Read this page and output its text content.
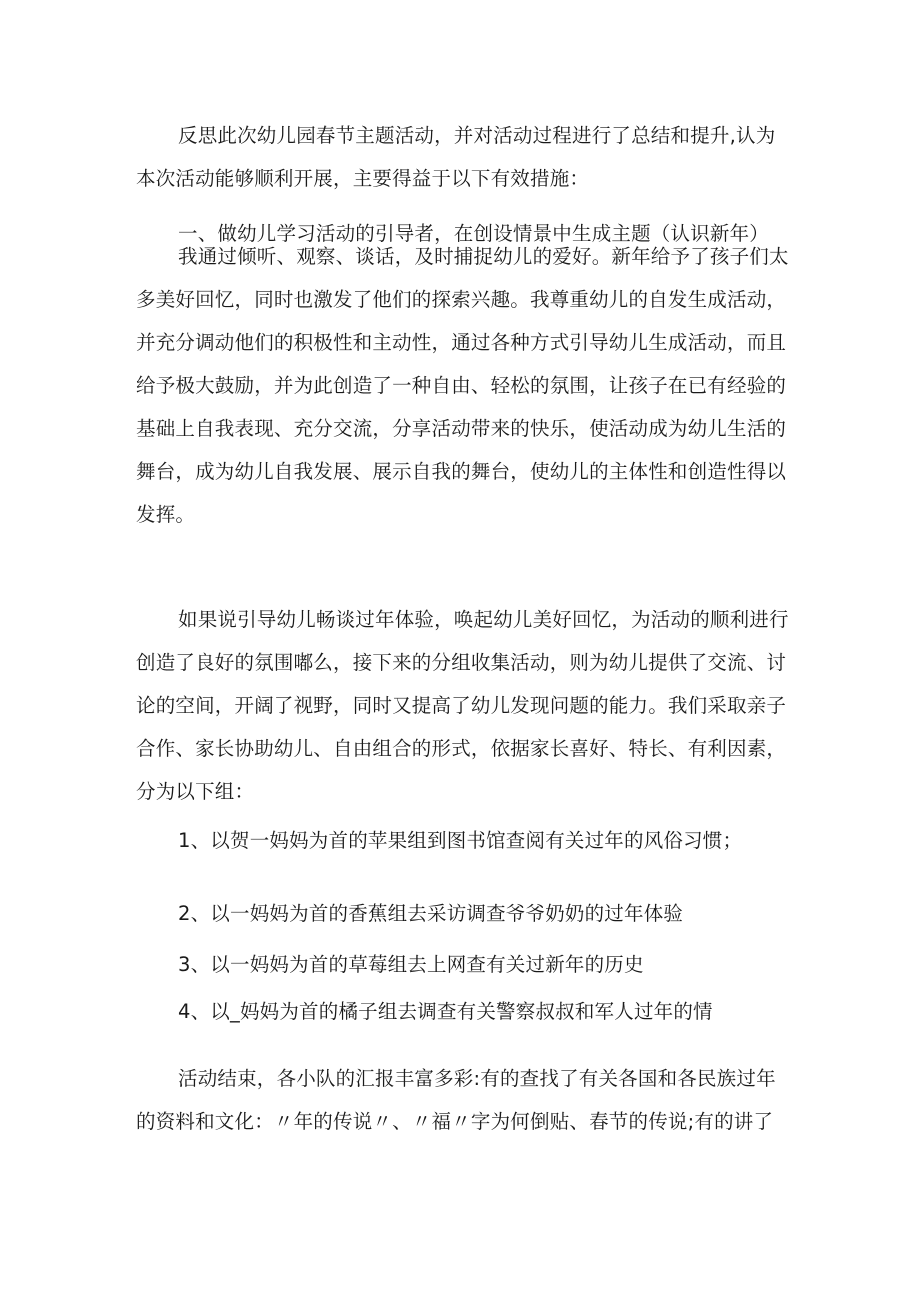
反思此次幼儿园春节主题活动，并对活动过程进行了总结和提升,认为
本次活动能够顺利开展，主要得益于以下有效措施：
一、做幼儿学习活动的引导者，在创设情景中生成主题（认识新年）
我通过倾听、观察、谈话，及时捕捉幼儿的爱好。新年给予了孩子们太
多美好回忆，同时也激发了他们的探索兴趣。我尊重幼儿的自发生成活动，
并充分调动他们的积极性和主动性，通过各种方式引导幼儿生成活动，而且
给予极大鼓励，并为此创造了一种自由、轻松的氛围，让孩子在已有经验的
基础上自我表现、充分交流，分享活动带来的快乐，使活动成为幼儿生活的
舞台，成为幼儿自我发展、展示自我的舞台，使幼儿的主体性和创造性得以
发挥。
如果说引导幼儿畅谈过年体验，唤起幼儿美好回忆，为活动的顺利进行
创造了良好的氛围嘟么，接下来的分组收集活动，则为幼儿提供了交流、讨
论的空间，开阔了视野，同时又提高了幼儿发现问题的能力。我们采取亲子
合作、家长协助幼儿、自由组合的形式，依据家长喜好、特长、有利因素，
分为以下组：
1、以贺一妈妈为首的苹果组到图书馆查阅有关过年的风俗习惯；
2、以一妈妈为首的香蕉组去采访调查爷爷奶奶的过年体验
3、以一妈妈为首的草莓组去上网查有关过新年的历史
4、以_妈妈为首的橘子组去调查有关警察叔叔和军人过年的情
活动结束，各小队的汇报丰富多彩:有的查找了有关各国和各民族过年
的资料和文化：〃年的传说〃、〃福〃字为何倒贴、春节的传说;有的讲了
